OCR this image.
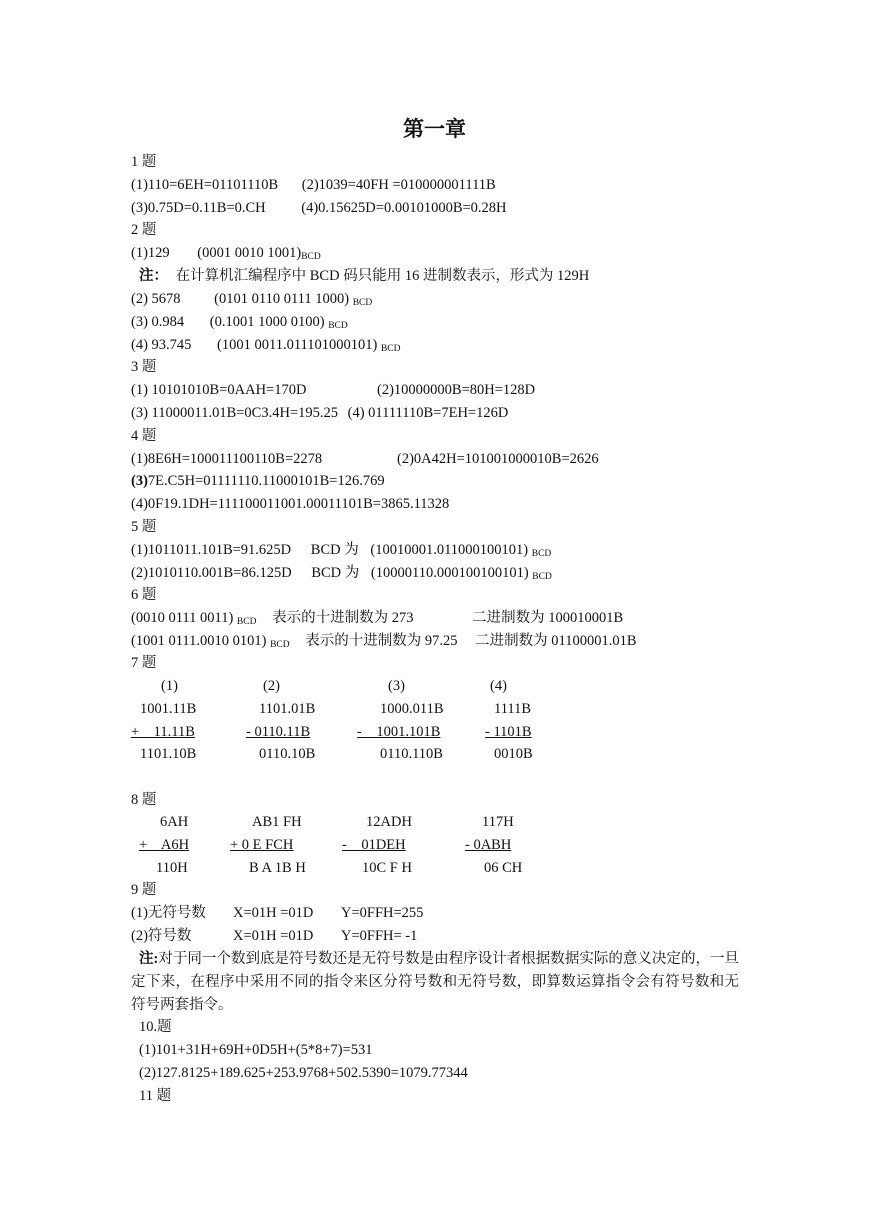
第一章
1 题
(1)110=6EH=01101110B (2)1039=40FH =010000001111B
(3)0.75D=0.11B=0.CH (4)0.15625D=0.00101000B=0.28H
2 题
(1)129 (0001 0010 1001)BCD
注： 在计算机汇编程序中 BCD 码只能用 16 进制数表示，形式为 129H
(2) 5678 (0101 0110 0111 1000) BCD
(3) 0.984 (0.1001 1000 0100) BCD
(4) 93.745 (1001 0011.011101000101) BCD
3 题
(1) 10101010B=0AAH=170D	(2)10000000B=80H=128D
(3) 11000011.01B=0C3.4H=195.25 (4) 01111110B=7EH=126D
4 题
(1)8E6H=100011100110B=2278	(2)0A42H=101001000010B=2626
(3)7E.C5H=01111110.11000101B=126.769
(4)0F19.1DH=111100011001.00011101B=3865.11328
5 题
(1)1011011.101B=91.625D BCD 为 (10010001.011000100101) BCD
(2)1010110.001B=86.125D BCD 为 (10000110.000100100101) BCD
6 题
(0010 0111 0011) BCD 表示的十进制数为 273	二进制数为 100010001B
(1001 0111.0010 0101) BCD 表示的十进制数为 97.25 二进制数为 01100001.01B
7 题
(1)	(2)	(3)	(4)
1001.11B	1101.01B	1000.011B	1111B
+    11.11B	- 0110.11B	-    1001.101B	- 1101B
1101.10B	0110.10B	0110.110B	0010B
8 题
6AH	AB1 FH	12ADH	117H
+    A6H	+ 0 E FCH	-    01DEH	- 0ABH
110H	B A 1B H	10C F H	06 CH
9 题
(1)无符号数 X=01H =01D Y=0FFH=255
(2)符号数	X=01H =01D Y=0FFH= -1
注:对于同一个数到底是符号数还是无符号数是由程序设计者根据数据实际的意义决定的，一旦定下来，在程序中采用不同的指令来区分符号数和无符号数，即算数运算指令会有符号数和无符号两套指令。
10.题
(1)101+31H+69H+0D5H+(5*8+7)=531
(2)127.8125+189.625+253.9768+502.5390=1079.77344
11 题
